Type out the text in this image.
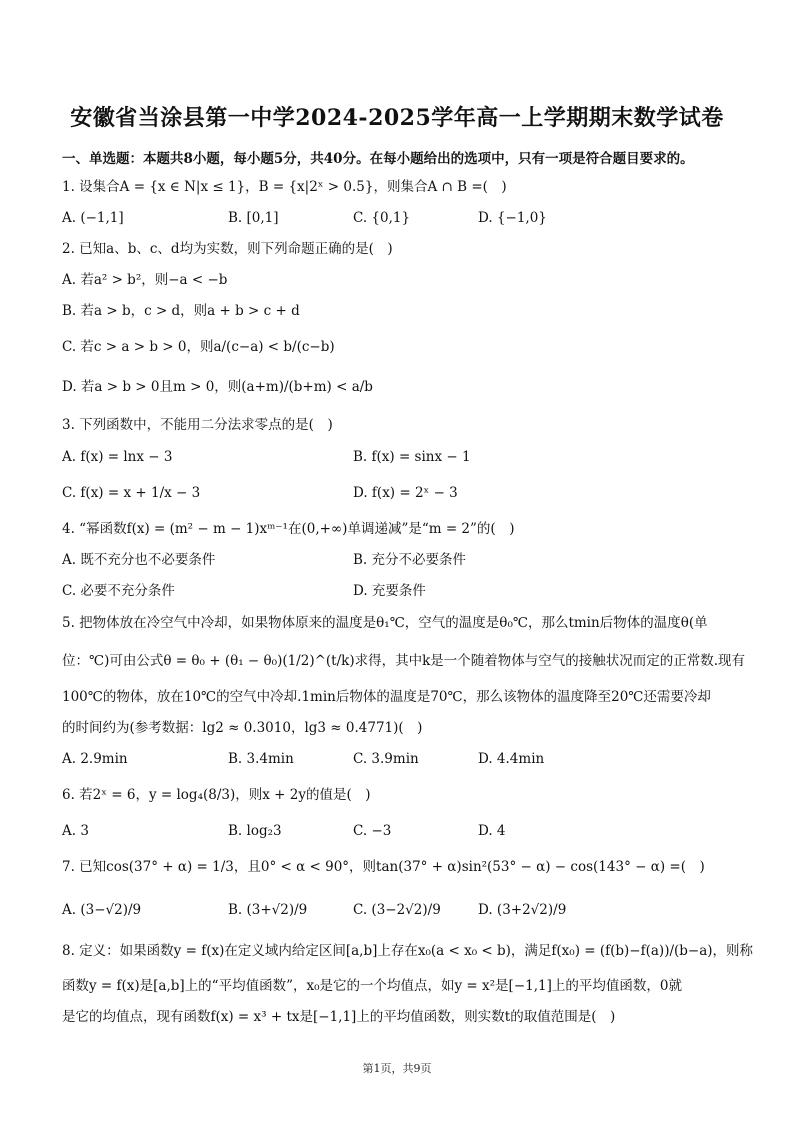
安徽省当涂县第一中学2024-2025学年高一上学期期末数学试卷
一、单选题：本题共8小题，每小题5分，共40分。在每小题给出的选项中，只有一项是符合题目要求的。
1. 设集合A = {x ∈ N|x ≤ 1}，B = {x|2ˣ > 0.5}，则集合A ∩ B =(　)
A. (−1,1]	B. [0,1]	C. {0,1}	D. {−1,0}
2. 已知a、b、c、d均为实数，则下列命题正确的是(　)
A. 若a² > b²，则−a < −b
B. 若a > b，c > d，则a + b > c + d
C. 若c > a > b > 0，则a/(c−a) < b/(c−b)
D. 若a > b > 0且m > 0，则(a+m)/(b+m) < a/b
3. 下列函数中，不能用二分法求零点的是(　)
A. f(x) = lnx − 3	B. f(x) = sinx − 1
C. f(x) = x + 1/x − 3	D. f(x) = 2ˣ − 3
4. “幂函数f(x) = (m² − m − 1)xᵐ⁻¹在(0,+∞)单调递减”是“m = 2”的(　)
A. 既不充分也不必要条件	B. 充分不必要条件
C. 必要不充分条件	D. 充要条件
5. 把物体放在冷空气中冷却，如果物体原来的温度是θ₁℃，空气的温度是θ₀℃，那么tmin后物体的温度θ(单
位：℃)可由公式θ = θ₀ + (θ₁ − θ₀)(1/2)^(t/k)求得，其中k是一个随着物体与空气的接触状况而定的正常数.现有
100℃的物体，放在10℃的空气中冷却.1min后物体的温度是70℃，那么该物体的温度降至20℃还需要冷却
的时间约为(参考数据：lg2 ≈ 0.3010，lg3 ≈ 0.4771)(　)
A. 2.9min	B. 3.4min	C. 3.9min	D. 4.4min
6. 若2ˣ = 6，y = log₄(8/3)，则x + 2y的值是(　)
A. 3	B. log₂3	C. −3	D. 4
7. 已知cos(37° + α) = 1/3，且0° < α < 90°，则tan(37° + α)sin²(53° − α) − cos(143° − α) =(　)
A. (3−√2)/9	B. (3+√2)/9	C. (3−2√2)/9	D. (3+2√2)/9
8. 定义：如果函数y = f(x)在定义域内给定区间[a,b]上存在x₀(a < x₀ < b)，满足f(x₀) = (f(b)−f(a))/(b−a)，则称
函数y = f(x)是[a,b]上的“平均值函数”，x₀是它的一个均值点，如y = x²是[−1,1]上的平均值函数，0就
是它的均值点，现有函数f(x) = x³ + tx是[−1,1]上的平均值函数，则实数t的取值范围是(　)
第1页，共9页
